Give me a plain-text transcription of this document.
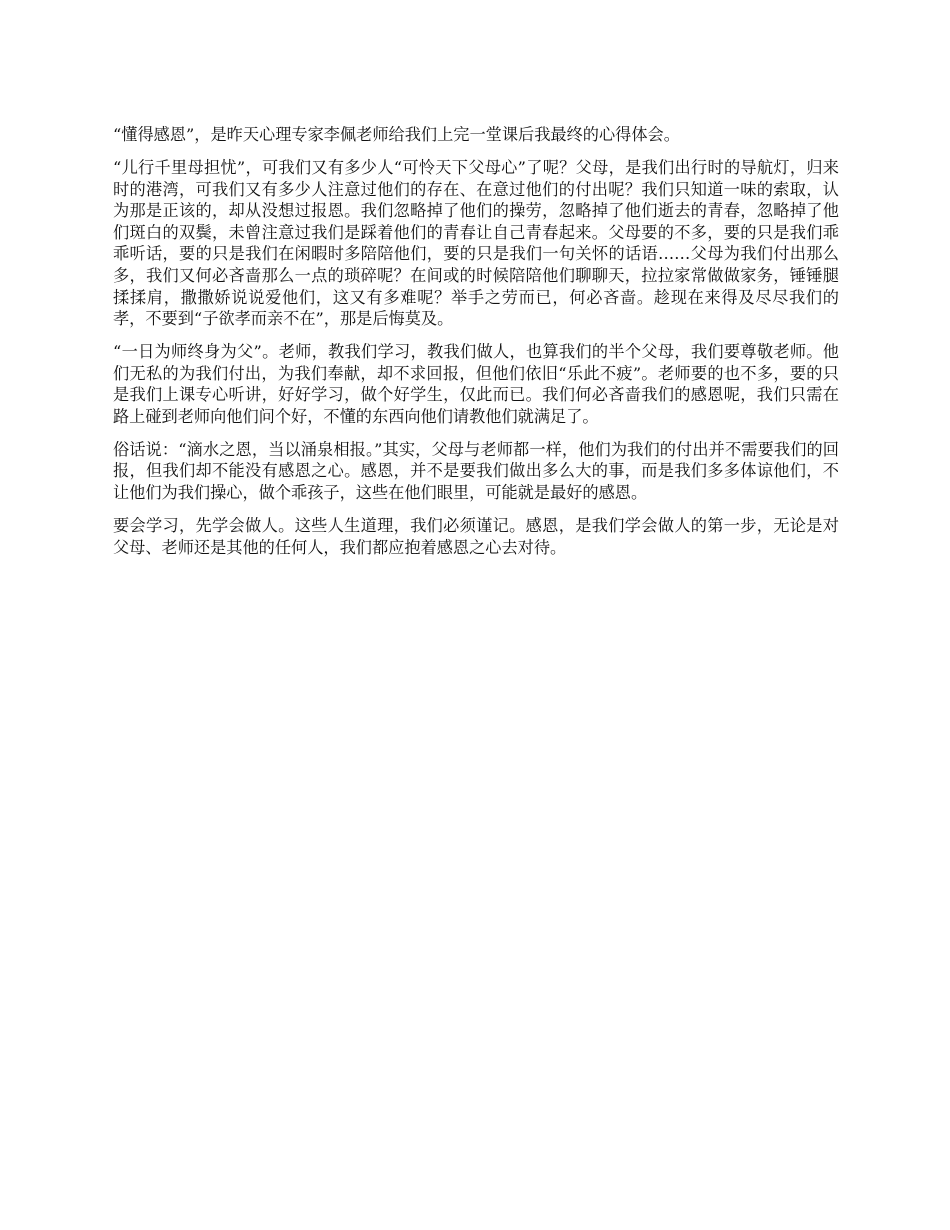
“懂得感恩”，是昨天心理专家李佩老师给我们上完一堂课后我最终的心得体会。

“儿行千里母担忧”，可我们又有多少人“可怜天下父母心”了呢？父母，是我们出行时的导航灯，归来时的港湾，可我们又有多少人注意过他们的存在、在意过他们的付出呢？我们只知道一味的索取，认为那是正该的，却从没想过报恩。我们忽略掉了他们的操劳，忽略掉了他们逝去的青春，忽略掉了他们斑白的双鬓，未曾注意过我们是踩着他们的青春让自己青春起来。父母要的不多，要的只是我们乖乖听话，要的只是我们在闲暇时多陪陪他们，要的只是我们一句关怀的话语……父母为我们付出那么多，我们又何必吝啬那么一点的琐碎呢？在间或的时候陪陪他们聊聊天，拉拉家常做做家务，锤锤腿揉揉肩，撒撒娇说说爱他们，这又有多难呢？举手之劳而已，何必吝啬。趁现在来得及尽尽我们的孝，不要到“子欲孝而亲不在”，那是后悔莫及。

“一日为师终身为父”。老师，教我们学习，教我们做人，也算我们的半个父母，我们要尊敬老师。他们无私的为我们付出，为我们奉献，却不求回报，但他们依旧“乐此不疲”。老师要的也不多，要的只是我们上课专心听讲，好好学习，做个好学生，仅此而已。我们何必吝啬我们的感恩呢，我们只需在路上碰到老师向他们问个好，不懂的东西向他们请教他们就满足了。

俗话说：“滴水之恩，当以涌泉相报。”其实，父母与老师都一样，他们为我们的付出并不需要我们的回报，但我们却不能没有感恩之心。感恩，并不是要我们做出多么大的事，而是我们多多体谅他们，不让他们为我们操心，做个乖孩子，这些在他们眼里，可能就是最好的感恩。

要会学习，先学会做人。这些人生道理，我们必须谨记。感恩，是我们学会做人的第一步，无论是对父母、老师还是其他的任何人，我们都应抱着感恩之心去对待。
